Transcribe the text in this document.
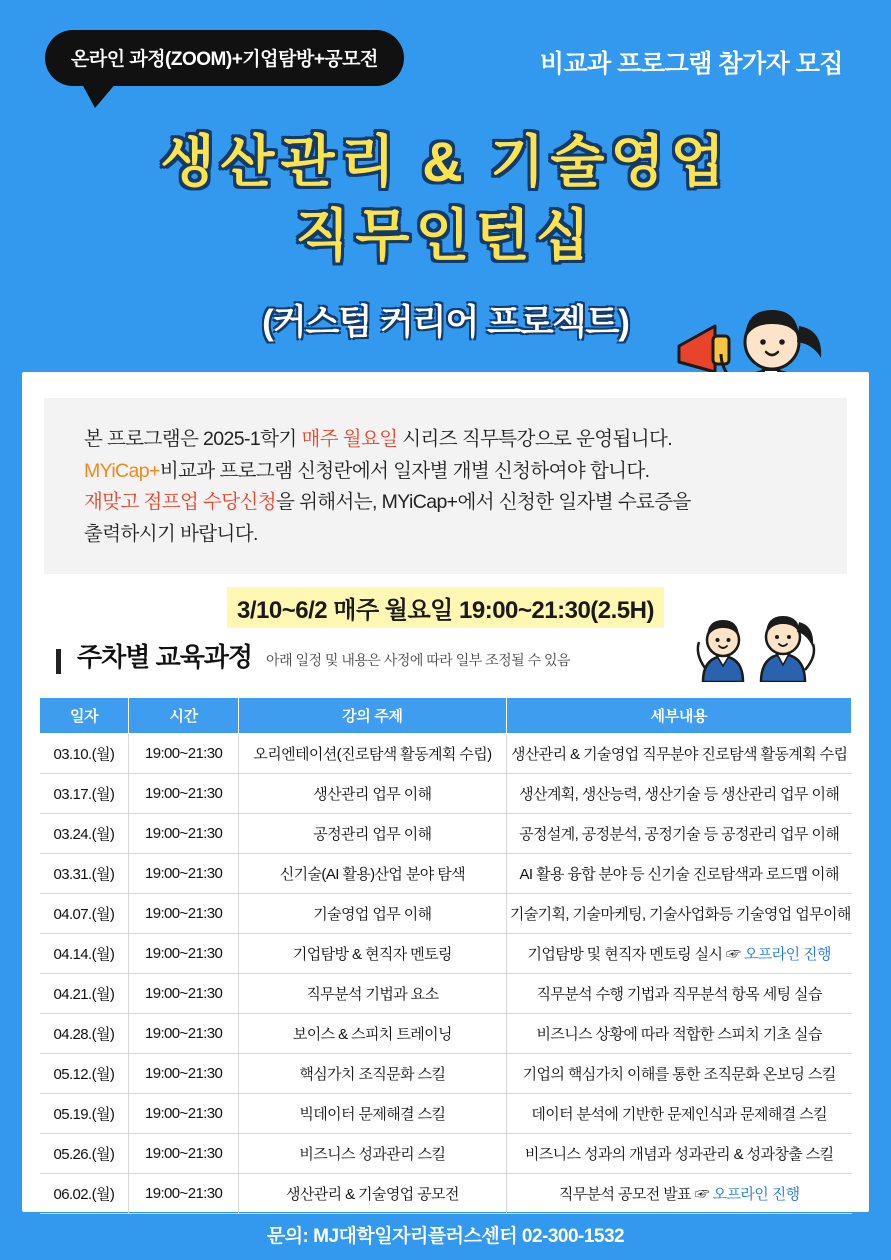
온라인 과정(ZOOM)+기업탐방+공모전	비교과 프로그램 참가자 모집
생산관리 & 기술영업
직무인턴십
(커스텀 커리어 프로젝트)

본 프로그램은 2025-1학기 매주 월요일 시리즈 직무특강으로 운영됩니다.

MYiCap+비교과 프로그램 신청란에서 일자별 개별 신청하여야 합니다.

재맞고 점프업 수당신청을 위해서는, MYiCap+에서 신청한 일자별 수료증을

출력하시기 바랍니다.

3/10~6/2 매주 월요일 19:00~21:30(2.5H)
주차별 교육과정 아래 일정 및 내용은 사정에 따라 일부 조정될 수 있음
일자	시간	강의 주제	세부내용
03.10.(월)	19:00~21:30	오리엔테이션(진로탐색 활동계획 수립)	생산관리 & 기술영업 직무분야 진로탐색 활동계획 수립
03.17.(월)	19:00~21:30	생산관리 업무 이해	생산계획, 생산능력, 생산기술 등 생산관리 업무 이해
03.24.(월)	19:00~21:30	공정관리 업무 이해	공정설계, 공정분석, 공정기술 등 공정관리 업무 이해
03.31.(월)	19:00~21:30	신기술(AI 활용)산업 분야 탐색	AI 활용 융합 분야 등 신기술 진로탐색과 로드맵 이해
04.07.(월)	19:00~21:30	기술영업 업무 이해	기술기획, 기술마케팅, 기술사업화등 기술영업 업무이해
04.14.(월)	19:00~21:30	기업탐방 & 현직자 멘토링	기업탐방 및 현직자 멘토링 실시 ☞ 오프라인 진행
04.21.(월)	19:00~21:30	직무분석 기법과 요소	직무분석 수행 기법과 직무분석 항목 세팅 실습
04.28.(월)	19:00~21:30	보이스 & 스피치 트레이닝	비즈니스 상황에 따라 적합한 스피치 기초 실습
05.12.(월)	19:00~21:30	핵심가치 조직문화 스킬	기업의 핵심가치 이해를 통한 조직문화 온보딩 스킬
05.19.(월)	19:00~21:30	빅데이터 문제해결 스킬	데이터 분석에 기반한 문제인식과 문제해결 스킬
05.26.(월)	19:00~21:30	비즈니스 성과관리 스킬	비즈니스 성과의 개념과 성과관리 & 성과창출 스킬
06.02.(월)	19:00~21:30	생산관리 & 기술영업 공모전	직무분석 공모전 발표 ☞ 오프라인 진행
문의: MJ대학일자리플러스센터 02-300-1532
